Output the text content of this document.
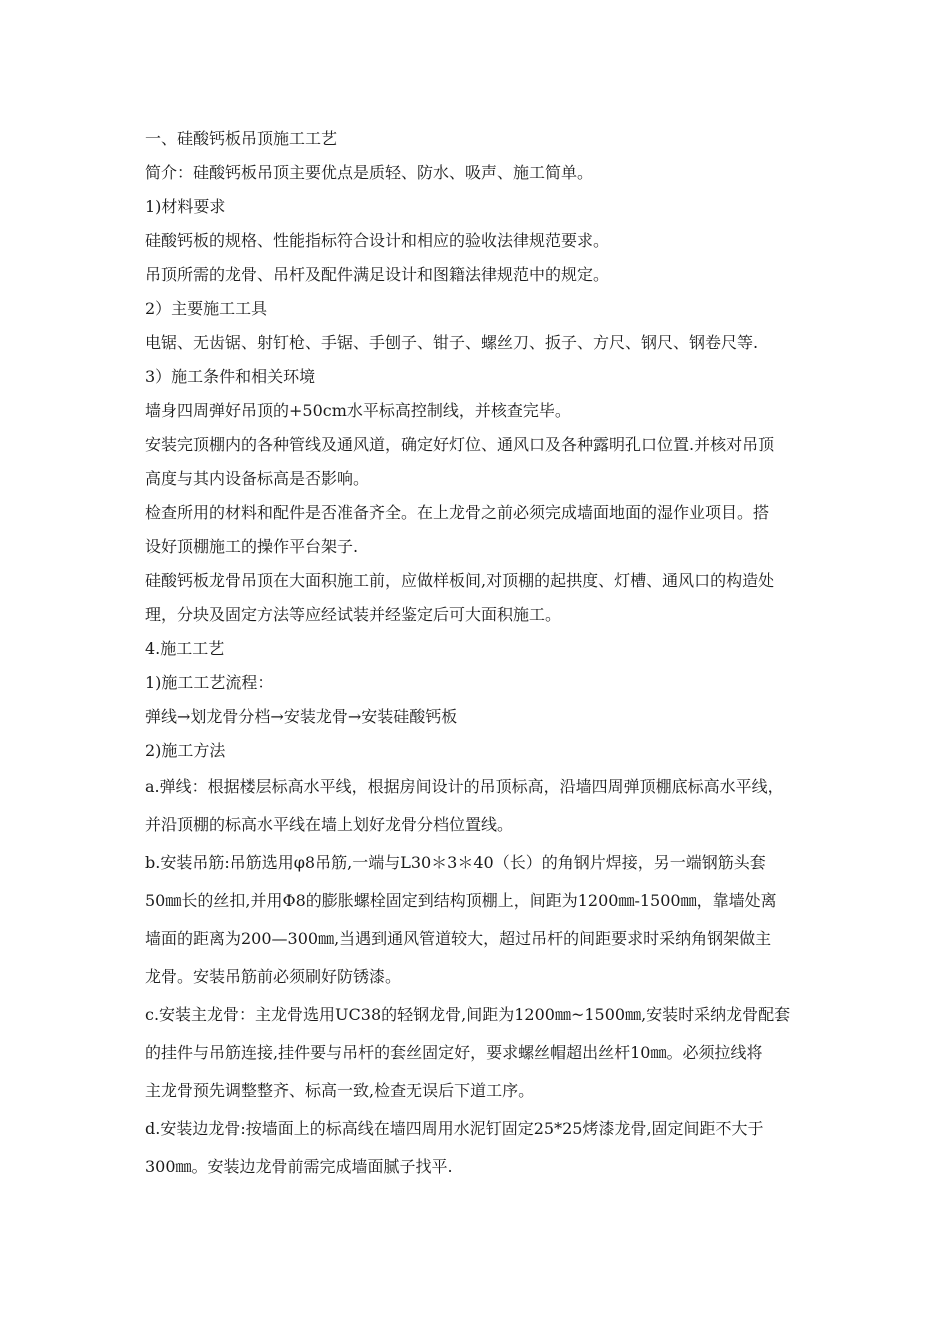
一、硅酸钙板吊顶施工工艺
简介：硅酸钙板吊顶主要优点是质轻、防水、吸声、施工简单。
1)材料要求
硅酸钙板的规格、性能指标符合设计和相应的验收法律规范要求。
吊顶所需的龙骨、吊杆及配件满足设计和图籍法律规范中的规定。
2）主要施工工具
电锯、无齿锯、射钉枪、手锯、手刨子、钳子、螺丝刀、扳子、方尺、钢尺、钢卷尺等.
3）施工条件和相关环境
墙身四周弹好吊顶的+50cm水平标高控制线，并核查完毕。
安装完顶棚内的各种管线及通风道，确定好灯位、通风口及各种露明孔口位置.并核对吊顶
高度与其内设备标高是否影响。
检查所用的材料和配件是否准备齐全。在上龙骨之前必须完成墙面地面的湿作业项目。搭
设好顶棚施工的操作平台架子.
硅酸钙板龙骨吊顶在大面积施工前，应做样板间,对顶棚的起拱度、灯槽、通风口的构造处
理，分块及固定方法等应经试装并经鉴定后可大面积施工。
4.施工工艺
1)施工工艺流程：
弹线→划龙骨分档→安装龙骨→安装硅酸钙板
2)施工方法
a.弹线：根据楼层标高水平线，根据房间设计的吊顶标高，沿墙四周弹顶棚底标高水平线，
并沿顶棚的标高水平线在墙上划好龙骨分档位置线。
b.安装吊筋:吊筋选用φ8吊筋,一端与L30＊3＊40（长）的角钢片焊接，另一端钢筋头套
50㎜长的丝扣,并用Φ8的膨胀螺栓固定到结构顶棚上，间距为1200㎜-1500㎜，靠墙处离
墙面的距离为200—300㎜,当遇到通风管道较大，超过吊杆的间距要求时采纳角钢架做主
龙骨。安装吊筋前必须刷好防锈漆。
c.安装主龙骨：主龙骨选用UC38的轻钢龙骨,间距为1200㎜~1500㎜,安装时采纳龙骨配套
的挂件与吊筋连接,挂件要与吊杆的套丝固定好，要求螺丝帽超出丝杆10㎜。必须拉线将
主龙骨预先调整整齐、标高一致,检查无误后下道工序。
d.安装边龙骨:按墙面上的标高线在墙四周用水泥钉固定25*25烤漆龙骨,固定间距不大于
300㎜。安装边龙骨前需完成墙面腻子找平.
